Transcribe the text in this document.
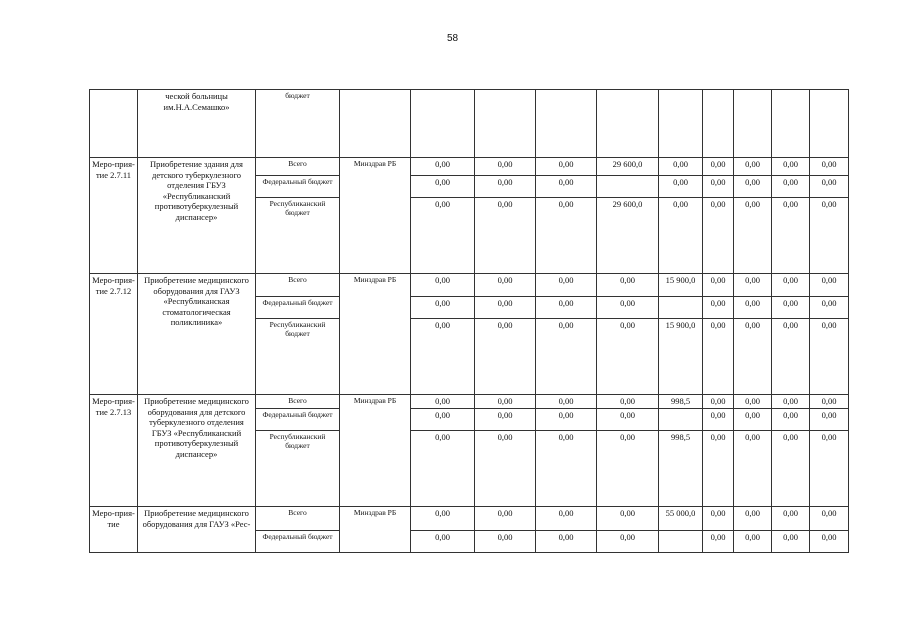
58
	ческой больницы им.Н.А.Семашко»	бюджет										
Меро-прия-тие 2.7.11	Приобретение здания для детского туберкулезного отделения ГБУЗ «Республиканский противотуберкулезный диспансер»	Всего	Минздрав РБ	0,00	0,00	0,00	29 600,0	0,00	0,00	0,00	0,00	0,00
		Федеральный бюджет		0,00	0,00	0,00		0,00	0,00	0,00	0,00	0,00
		Республиканский бюджет		0,00	0,00	0,00	29 600,0	0,00	0,00	0,00	0,00	0,00
Меро-прия-тие 2.7.12	Приобретение медицинского оборудования для ГАУЗ «Республиканская стоматологическая поликлиника»	Всего	Минздрав РБ	0,00	0,00	0,00	0,00	15 900,0	0,00	0,00	0,00	0,00
		Федеральный бюджет		0,00	0,00	0,00	0,00		0,00	0,00	0,00	0,00
		Республиканский бюджет		0,00	0,00	0,00	0,00	15 900,0	0,00	0,00	0,00	0,00
Меро-прия-тие 2.7.13	Приобретение медицинского оборудования для детского туберкулезного отделения ГБУЗ «Республиканский противотуберкулезный диспансер»	Всего	Минздрав РБ	0,00	0,00	0,00	0,00	998,5	0,00	0,00	0,00	0,00
		Федеральный бюджет		0,00	0,00	0,00	0,00		0,00	0,00	0,00	0,00
		Республиканский бюджет		0,00	0,00	0,00	0,00	998,5	0,00	0,00	0,00	0,00
Меро-прия-тие	Приобретение медицинского оборудования для ГАУЗ «Рес-	Всего	Минздрав РБ	0,00	0,00	0,00	0,00	55 000,0	0,00	0,00	0,00	0,00
		Федеральный бюджет		0,00	0,00	0,00	0,00		0,00	0,00	0,00	0,00
